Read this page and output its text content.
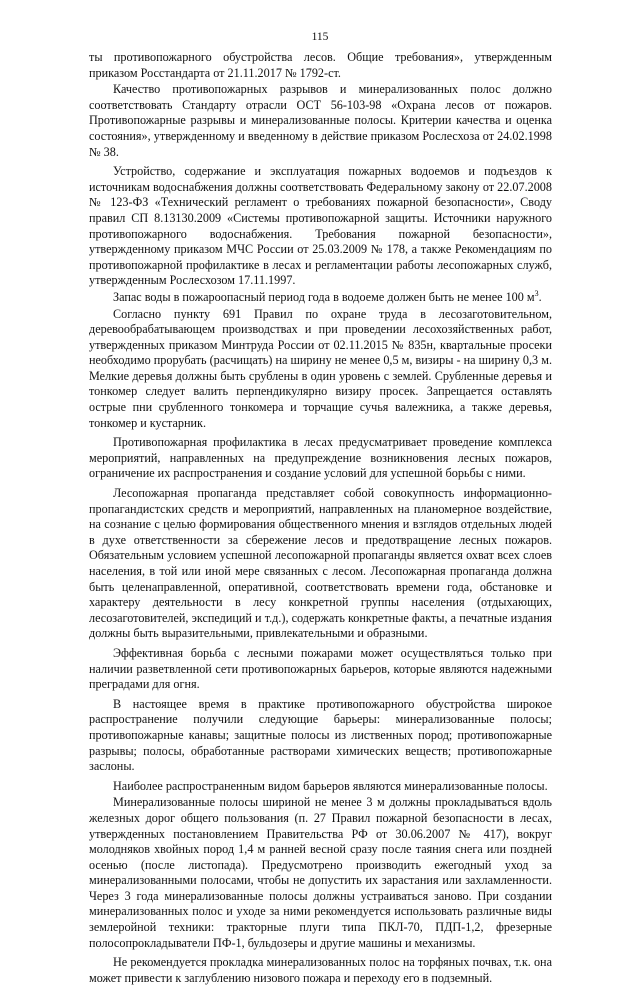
115

ты противопожарного обустройства лесов. Общие требования», утвержденным приказом Росстандарта от 21.11.2017 № 1792-ст.

Качество противопожарных разрывов и минерализованных полос должно соответствовать Стандарту отрасли ОСТ 56-103-98 «Охрана лесов от пожаров. Противопожарные разрывы и минерализованные полосы. Критерии качества и оценка состояния», утвержденному и введенному в действие приказом Рослесхоза от 24.02.1998 № 38.

Устройство, содержание и эксплуатация пожарных водоемов и подъездов к источникам водоснабжения должны соответствовать Федеральному закону от 22.07.2008 № 123-ФЗ «Технический регламент о требованиях пожарной безопасности», Своду правил СП 8.13130.2009 «Системы противопожарной защиты. Источники наружного противопожарного водоснабжения. Требования пожарной безопасности», утвержденному приказом МЧС России от 25.03.2009 № 178, а также Рекомендациям по противопожарной профилактике в лесах и регламентации работы лесопожарных служб, утвержденным Рослесхозом 17.11.1997.

Запас воды в пожароопасный период года в водоеме должен быть не менее 100 $м^3$.

Согласно пункту 691 Правил по охране труда в лесозаготовительном, деревообрабатывающем производствах и при проведении лесохозяйственных работ, утвержденных приказом Минтруда России от 02.11.2015 № 835н, квартальные просеки необходимо прорубать (расчищать) на ширину не менее 0,5 м, визиры - на ширину 0,3 м. Мелкие деревья должны быть срублены в один уровень с землей. Срубленные деревья и тонкомер следует валить перпендикулярно визиру просек. Запрещается оставлять острые пни срубленного тонкомера и торчащие сучья валежника, а также деревья, тонкомер и кустарник.

Противопожарная профилактика в лесах предусматривает проведение комплекса мероприятий, направленных на предупреждение возникновения лесных пожаров, ограничение их распространения и создание условий для успешной борьбы с ними.

Лесопожарная пропаганда представляет собой совокупность информационно-пропагандистских средств и мероприятий, направленных на планомерное воздействие, на сознание с целью формирования общественного мнения и взглядов отдельных людей в духе ответственности за сбережение лесов и предотвращение лесных пожаров. Обязательным условием успешной лесопожарной пропаганды является охват всех слоев населения, в той или иной мере связанных с лесом. Лесопожарная пропаганда должна быть целенаправленной, оперативной, соответствовать времени года, обстановке и характеру деятельности в лесу конкретной группы населения (отдыхающих, лесозаготовителей, экспедиций и т.д.), содержать конкретные факты, а печатные издания должны быть выразительными, привлекательными и образными.

Эффективная борьба с лесными пожарами может осуществляться только при наличии разветвленной сети противопожарных барьеров, которые являются надежными преградами для огня.

В настоящее время в практике противопожарного обустройства широкое распространение получили следующие барьеры: минерализованные полосы; противопожарные канавы; защитные полосы из лиственных пород; противопожарные разрывы; полосы, обработанные растворами химических веществ; противопожарные заслоны.

Наиболее распространенным видом барьеров являются минерализованные полосы.

Минерализованные полосы шириной не менее 3 м должны прокладываться вдоль железных дорог общего пользования (п. 27 Правил пожарной безопасности в лесах, утвержденных постановлением Правительства РФ от 30.06.2007 № 417), вокруг молодняков хвойных пород 1,4 м ранней весной сразу после таяния снега или поздней осенью (после листопада). Предусмотрено производить ежегодный уход за минерализованными полосами, чтобы не допустить их зарастания или захламленности. Через 3 года минерализованные полосы должны устраиваться заново. При создании минерализованных полос и уходе за ними рекомендуется использовать различные виды землеройной техники: тракторные плуги типа ПКЛ-70, ПДП-1,2, фрезерные полосопрокладыватели ПФ-1, бульдозеры и другие машины и механизмы.

Не рекомендуется прокладка минерализованных полос на торфяных почвах, т.к. она может привести к заглублению низового пожара и переходу его в подземный.
